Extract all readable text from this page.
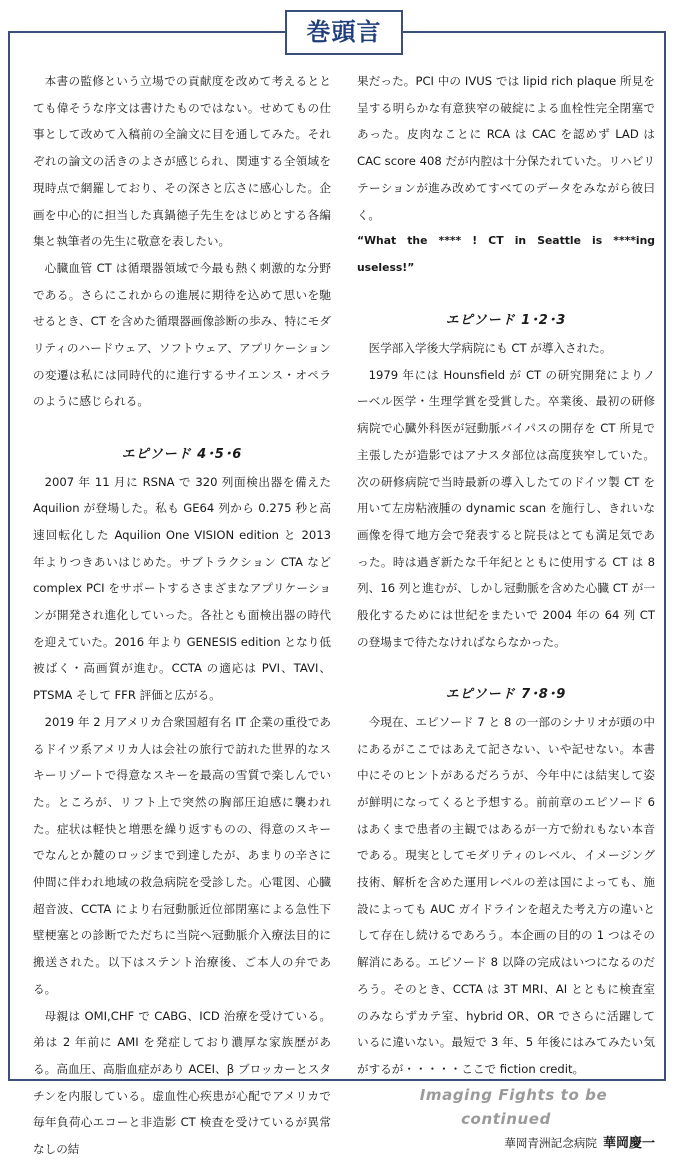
巻頭言

本書の監修という立場での貢献度を改めて考えるととても偉そうな序文は書けたものではない。せめてもの仕事として改めて入稿前の全論文に目を通してみた。それぞれの論文の活きのよさが感じられ、関連する全領域を現時点で網羅しており、その深さと広さに感心した。企画を中心的に担当した真鍋徳子先生をはじめとする各編集と執筆者の先生に敬意を表したい。

心臓血管 CT は循環器領域で今最も熱く刺激的な分野である。さらにこれからの進展に期待を込めて思いを馳せるとき、CT を含めた循環器画像診断の歩み、特にモダリティのハードウェア、ソフトウェア、アプリケーションの変遷は私には同時代的に進行するサイエンス・オペラのように感じられる。

エピソード 4･5･6

2007 年 11 月に RSNA で 320 列面検出器を備えた Aquilion が登場した。私も GE64 列から 0.275 秒と高速回転化した Aquilion One VISION edition と 2013 年よりつきあいはじめた。サブトラクション CTA など complex PCI をサポートするさまざまなアプリケーションが開発され進化していった。各社とも面検出器の時代を迎えていた。2016 年より GENESIS edition となり低被ばく・高画質が進む。CCTA の適応は PVI、TAVI、PTSMA そして FFR 評価と広がる。

2019 年 2 月アメリカ合衆国超有名 IT 企業の重役であるドイツ系アメリカ人は会社の旅行で訪れた世界的なスキーリゾートで得意なスキーを最高の雪質で楽しんでいた。ところが、リフト上で突然の胸部圧迫感に襲われた。症状は軽快と増悪を繰り返すものの、得意のスキーでなんとか麓のロッジまで到達したが、あまりの辛さに仲間に伴われ地域の救急病院を受診した。心電図、心臓超音波、CCTA により右冠動脈近位部閉塞による急性下壁梗塞との診断でただちに当院へ冠動脈介入療法目的に搬送された。以下はステント治療後、ご本人の弁である。

母親は OMI,CHF で CABG、ICD 治療を受けている。弟は 2 年前に AMI を発症しており濃厚な家族歴がある。高血圧、高脂血症があり ACEI、β ブロッカーとスタチンを内服している。虚血性心疾患が心配でアメリカで毎年負荷心エコーと非造影 CT 検査を受けているが異常なしの結

果だった。PCI 中の IVUS では lipid rich plaque 所見を呈する明らかな有意狭窄の破綻による血栓性完全閉塞であった。皮肉なことに RCA は CAC を認めず LAD は CAC score 408 だが内腔は十分保たれていた。リハビリテーションが進み改めてすべてのデータをみながら彼曰く。

“What the **** ! CT in Seattle is ****ing useless!”

エピソード 1･2･3

医学部入学後大学病院にも CT が導入された。

1979 年には Hounsfield が CT の研究開発によりノーベル医学・生理学賞を受賞した。卒業後、最初の研修病院で心臓外科医が冠動脈バイパスの開存を CT 所見で主張したが造影ではアナスタ部位は高度狭窄していた。次の研修病院で当時最新の導入したてのドイツ製 CT を用いて左房粘液腫の dynamic scan を施行し、きれいな画像を得て地方会で発表すると院長はとても満足気であった。時は過ぎ新たな千年紀とともに使用する CT は 8 列、16 列と進むが、しかし冠動脈を含めた心臓 CT が一般化するためには世紀をまたいで 2004 年の 64 列 CT の登場まで待たなければならなかった。

エピソード 7･8･9

今現在、エピソード 7 と 8 の一部のシナリオが頭の中にあるがここではあえて記さない、いや記せない。本書中にそのヒントがあるだろうが、今年中には結実して姿が鮮明になってくると予想する。前前章のエピソード 6 はあくまで患者の主観ではあるが一方で紛れもない本音である。現実としてモダリティのレベル、イメージング技術、解析を含めた運用レベルの差は国によっても、施設によっても AUC ガイドラインを超えた考え方の違いとして存在し続けるであろう。本企画の目的の 1 つはその解消にある。エピソード 8 以降の完成はいつになるのだろう。そのとき、CCTA は 3T MRI、AI とともに検査室のみならずカテ室、hybrid OR、OR でさらに活躍しているに違いない。最短で 3 年、5 年後にはみてみたい気がするが・・・・・ここで fiction credit。

Imaging Fights to be continued

華岡青洲記念病院 華岡慶一
